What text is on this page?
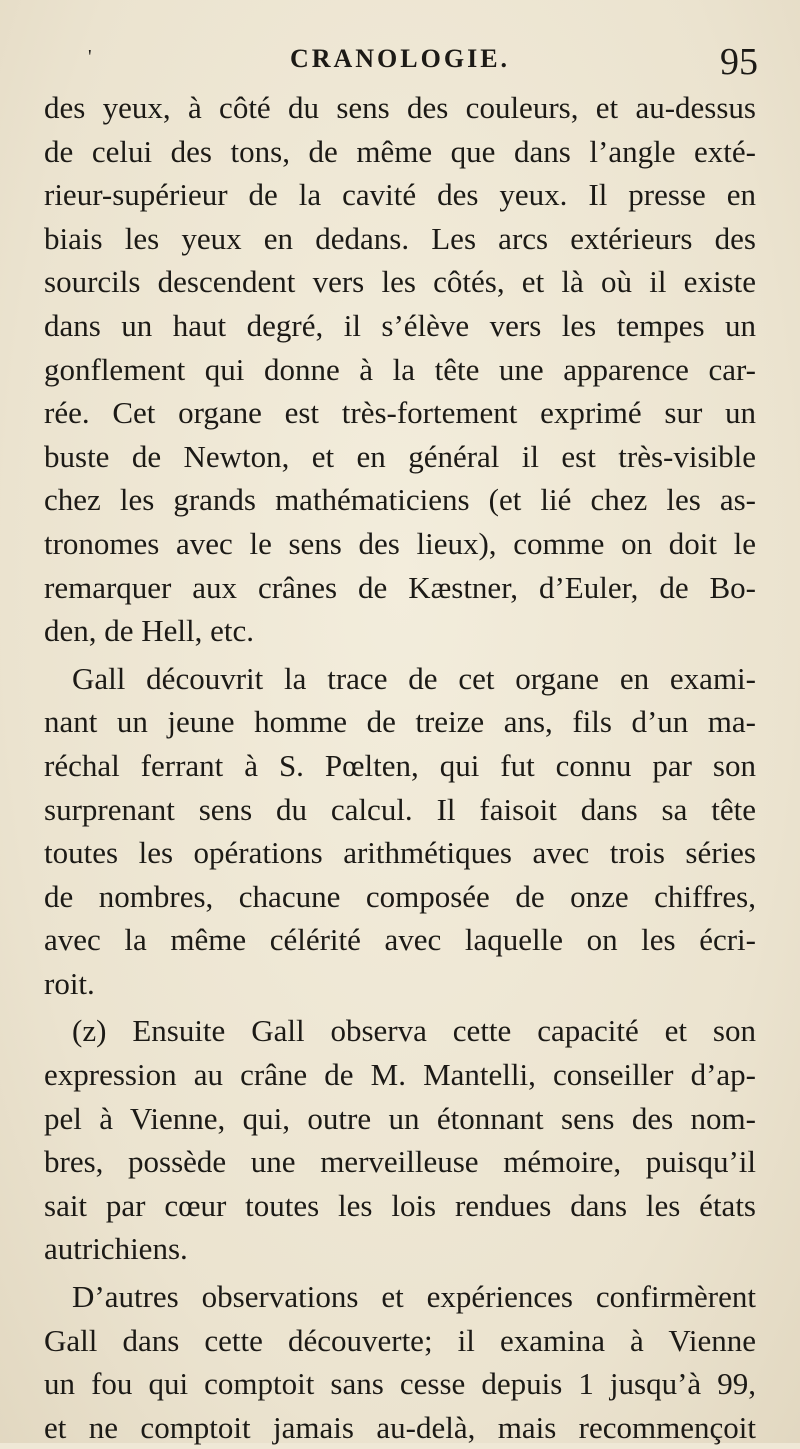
'	CRANOLOGIE.	95
des yeux, à côté du sens des couleurs, et au-dessus
de celui des tons, de même que dans l’angle exté-
rieur-supérieur de la cavité des yeux. Il presse en
biais les yeux en dedans. Les arcs extérieurs des
sourcils descendent vers les côtés, et là où il existe
dans un haut degré, il s’élève vers les tempes un
gonflement qui donne à la tête une apparence car-
rée. Cet organe est très-fortement exprimé sur un
buste de Newton, et en général il est très-visible
chez les grands mathématiciens (et lié chez les as-
tronomes avec le sens des lieux), comme on doit le
remarquer aux crânes de Kæstner, d’Euler, de Bo-
den, de Hell, etc.
Gall découvrit la trace de cet organe en exami-
nant un jeune homme de treize ans, fils d’un ma-
réchal ferrant à S. Pœlten, qui fut connu par son
surprenant sens du calcul. Il faisoit dans sa tête
toutes les opérations arithmétiques avec trois séries
de nombres, chacune composée de onze chiffres,
avec la même célérité avec laquelle on les écri-
roit.
(z) Ensuite Gall observa cette capacité et son
expression au crâne de M. Mantelli, conseiller d’ap-
pel à Vienne, qui, outre un étonnant sens des nom-
bres, possède une merveilleuse mémoire, puisqu’il
sait par cœur toutes les lois rendues dans les états
autrichiens.
D’autres observations et expériences confirmèrent
Gall dans cette découverte; il examina à Vienne
un fou qui comptoit sans cesse depuis 1 jusqu’à 99,
et ne comptoit jamais au-delà, mais recommençoit
